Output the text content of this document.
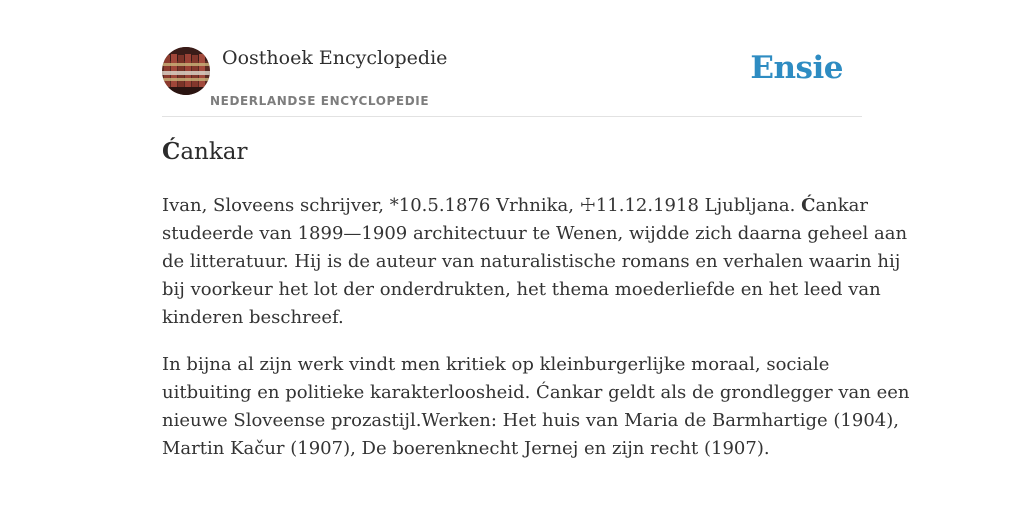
Oosthoek Encyclopedie
NEDERLANDSE ENCYCLOPEDIE
Ensie
Ćankar

Ivan, Sloveens schrijver, *10.5.1876 Vrhnika, ☩11.12.1918 Ljubljana. Ćankar
studeerde van 1899—1909 architectuur te Wenen, wijdde zich daarna geheel aan
de litteratuur. Hij is de auteur van naturalistische romans en verhalen waarin hij
bij voorkeur het lot der onderdrukten, het thema moederliefde en het leed van
kinderen beschreef.

In bijna al zijn werk vindt men kritiek op kleinburgerlijke moraal, sociale
uitbuiting en politieke karakterloosheid. Ćankar geldt als de grondlegger van een
nieuwe Sloveense prozastijl.Werken: Het huis van Maria de Barmhartige (1904),
Martin Kačur (1907), De boerenknecht Jernej en zijn recht (1907).
